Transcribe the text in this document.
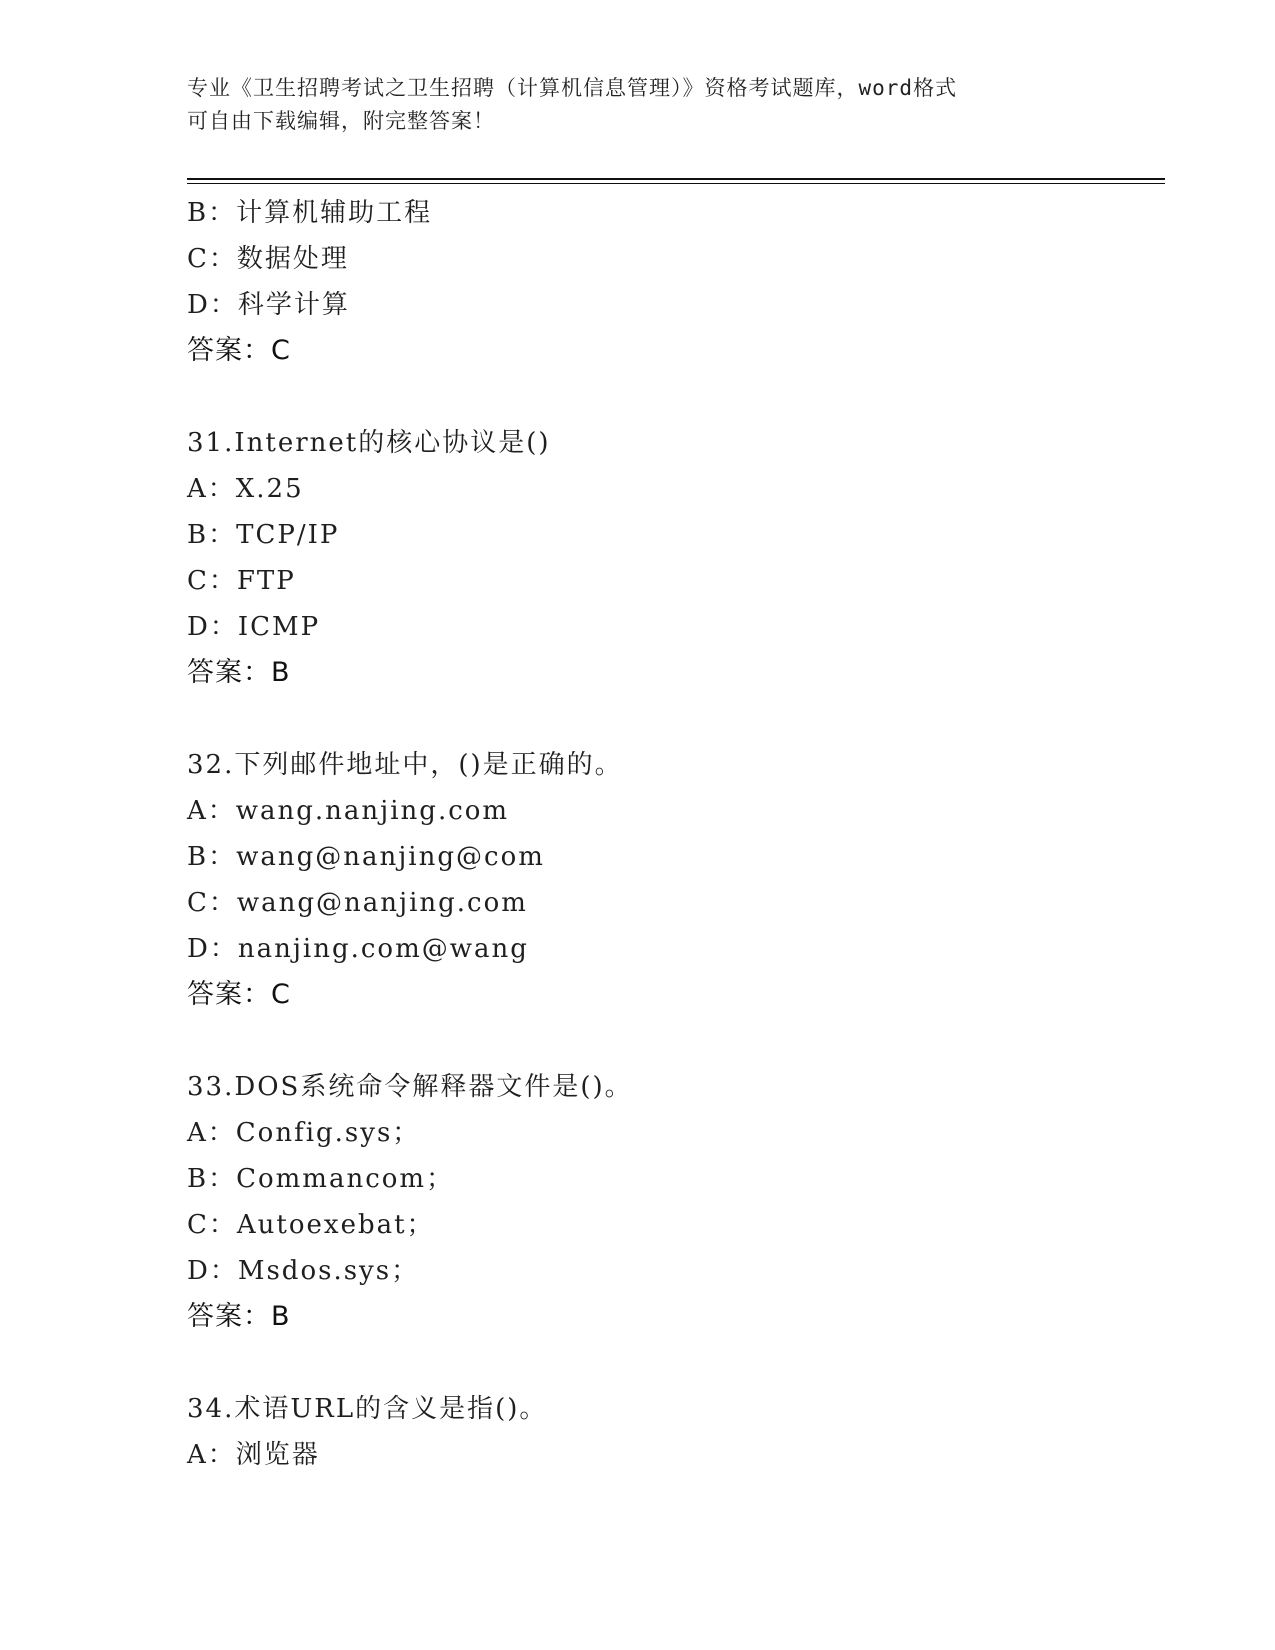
专业《卫生招聘考试之卫生招聘（计算机信息管理）》资格考试题库，word格式
可自由下载编辑，附完整答案！
B：计算机辅助工程
C：数据处理
D：科学计算
答案：C
31.Internet的核心协议是()
A：X.25
B：TCP/IP
C：FTP
D：ICMP
答案：B
32.下列邮件地址中，()是正确的。
A：wang.nanjing.com
B：wang@nanjing@com
C：wang@nanjing.com
D：nanjing.com@wang
答案：C
33.DOS系统命令解释器文件是()。
A：Config.sys；
B：Commancom；
C：Autoexebat；
D：Msdos.sys；
答案：B
34.术语URL的含义是指()。
A：浏览器
